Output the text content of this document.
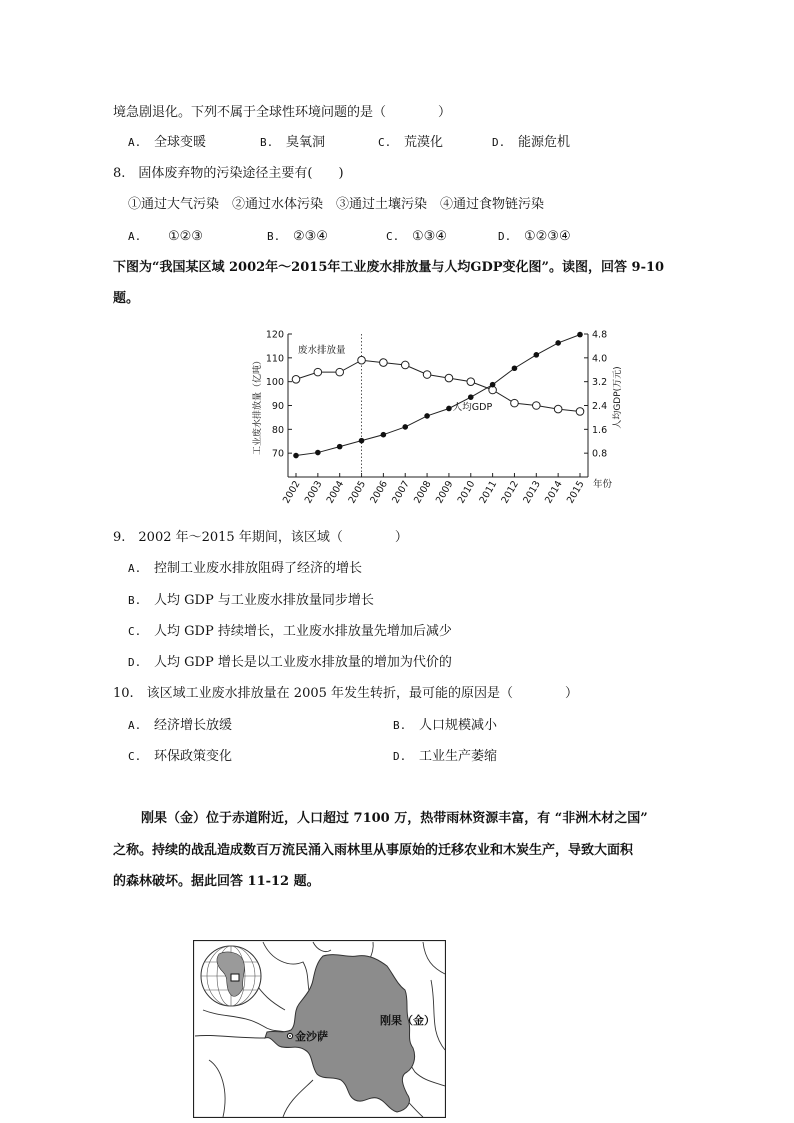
境急剧退化。下列不属于全球性环境问题的是（　　　　）
A. 全球变暖	B. 臭氧洞	C. 荒漠化	D. 能源危机
8.　固体废弃物的污染途径主要有(　　)
①通过大气污染　②通过水体污染　③通过土壤污染　④通过食物链污染
A. ①②③	B. ②③④	C. ①③④	D. ①②③④
下图为“我国某区域 2002年～2015年工业废水排放量与人均GDP变化图”。读图，回答 9-10
题。
70
80
90
100
110
120
0.8
1.6
2.4
3.2
4.0
4.8
2002 2003 2004 2005 2006 2007 2008 2009 2010 2011 2012 2013 2014 2015 年份
工业废水排放量（亿吨）	人均GDP(万元)
废水排放量
人均GDP
9.　2002 年～2015 年期间，该区域（　　　　）
A. 控制工业废水排放阻碍了经济的增长
B. 人均 GDP 与工业废水排放量同步增长
C. 人均 GDP 持续增长，工业废水排放量先增加后减少
D. 人均 GDP 增长是以工业废水排放量的增加为代价的
10.　该区域工业废水排放量在 2005 年发生转折，最可能的原因是（　　　　）
A. 经济增长放缓	B. 人口规模减小
C. 环保政策变化	D. 工业生产萎缩
刚果（金）位于赤道附近，人口超过 7100 万，热带雨林资源丰富，有 “非洲木材之国”
之称。持续的战乱造成数百万流民涌入雨林里从事原始的迁移农业和木炭生产，导致大面积
的森林破坏。据此回答 11-12 题。
金沙萨
刚果（金）
